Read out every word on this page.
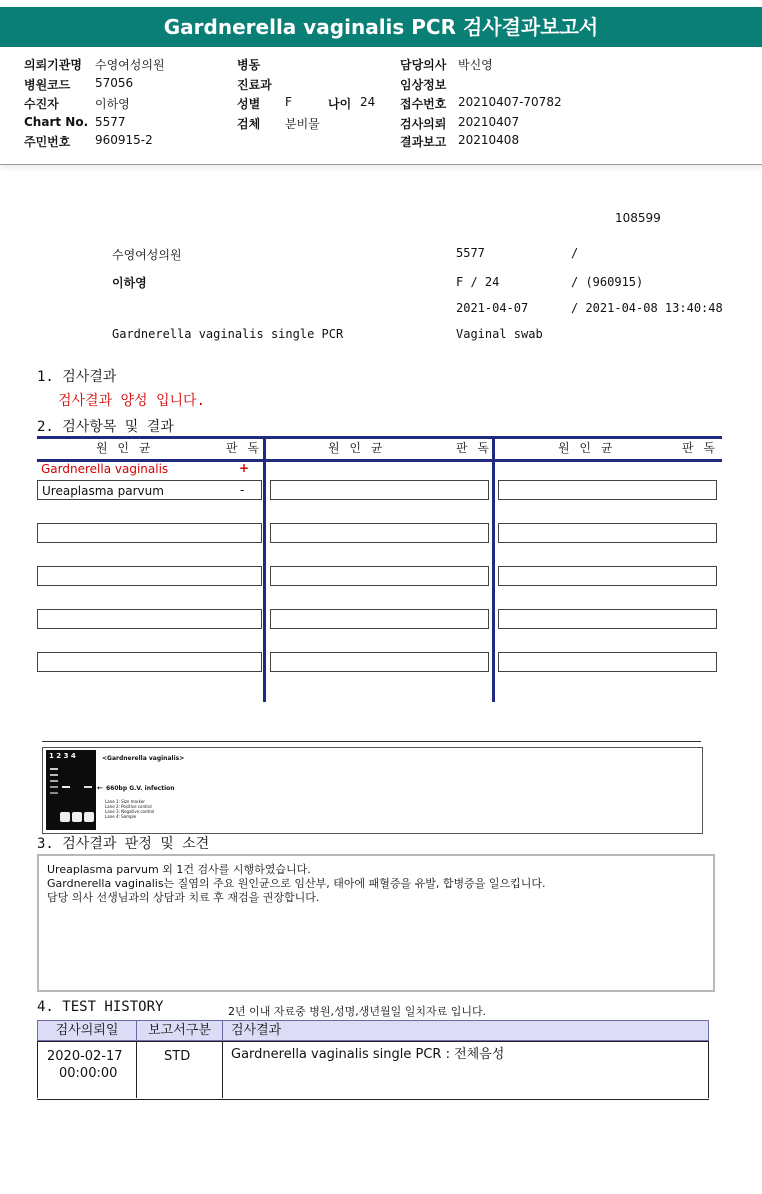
Gardnerella vaginalis PCR 검사결과보고서
의뢰기관명 수영여성의원	병동	담당의사 박신영
병원코드 57056	진료과	임상정보
수진자	이하영	성별 F	나이 24 접수번호 20210407-70782
Chart No. 5577	검체 분비물	검사의뢰 20210407
주민번호 960915-2	결과보고 20210408
108599
수영여성의원	5577	/
이하영	F / 24	/ (960915)
2021-04-07	/ 2021-04-08 13:40:48
Gardnerella vaginalis single PCR	Vaginal swab
1. 검사결과
검사결과 양성 입니다.
2. 검사항목 및 결과
원 인 균	판 독	원 인 균	판 독	원 인 균	판 독
Gardnerella vaginalis	+
Ureaplasma parvum	-
1 2 3 4	<Gardnerella vaginalis>
← 660bp G.V. infection
Lane 1: Size marker
Lane 2: Positive control
Lane 3: Negative control
Lane 4: Sample
3. 검사결과 판정 및 소견
Ureaplasma parvum 외 1건 검사를 시행하였습니다.
Gardnerella vaginalis는 질염의 주요 원인균으로 임산부, 태아에 패혈증을 유발, 합병증을 일으킵니다.
담당 의사 선생님과의 상담과 치료 후 재검을 권장합니다.
4. TEST HISTORY	2년 이내 자료중 병원,성명,생년월일 일치자료 입니다.
검사의뢰일	보고서구분	검사결과
2020-02-17
00:00:00
STD	Gardnerella vaginalis single PCR : 전체음성
